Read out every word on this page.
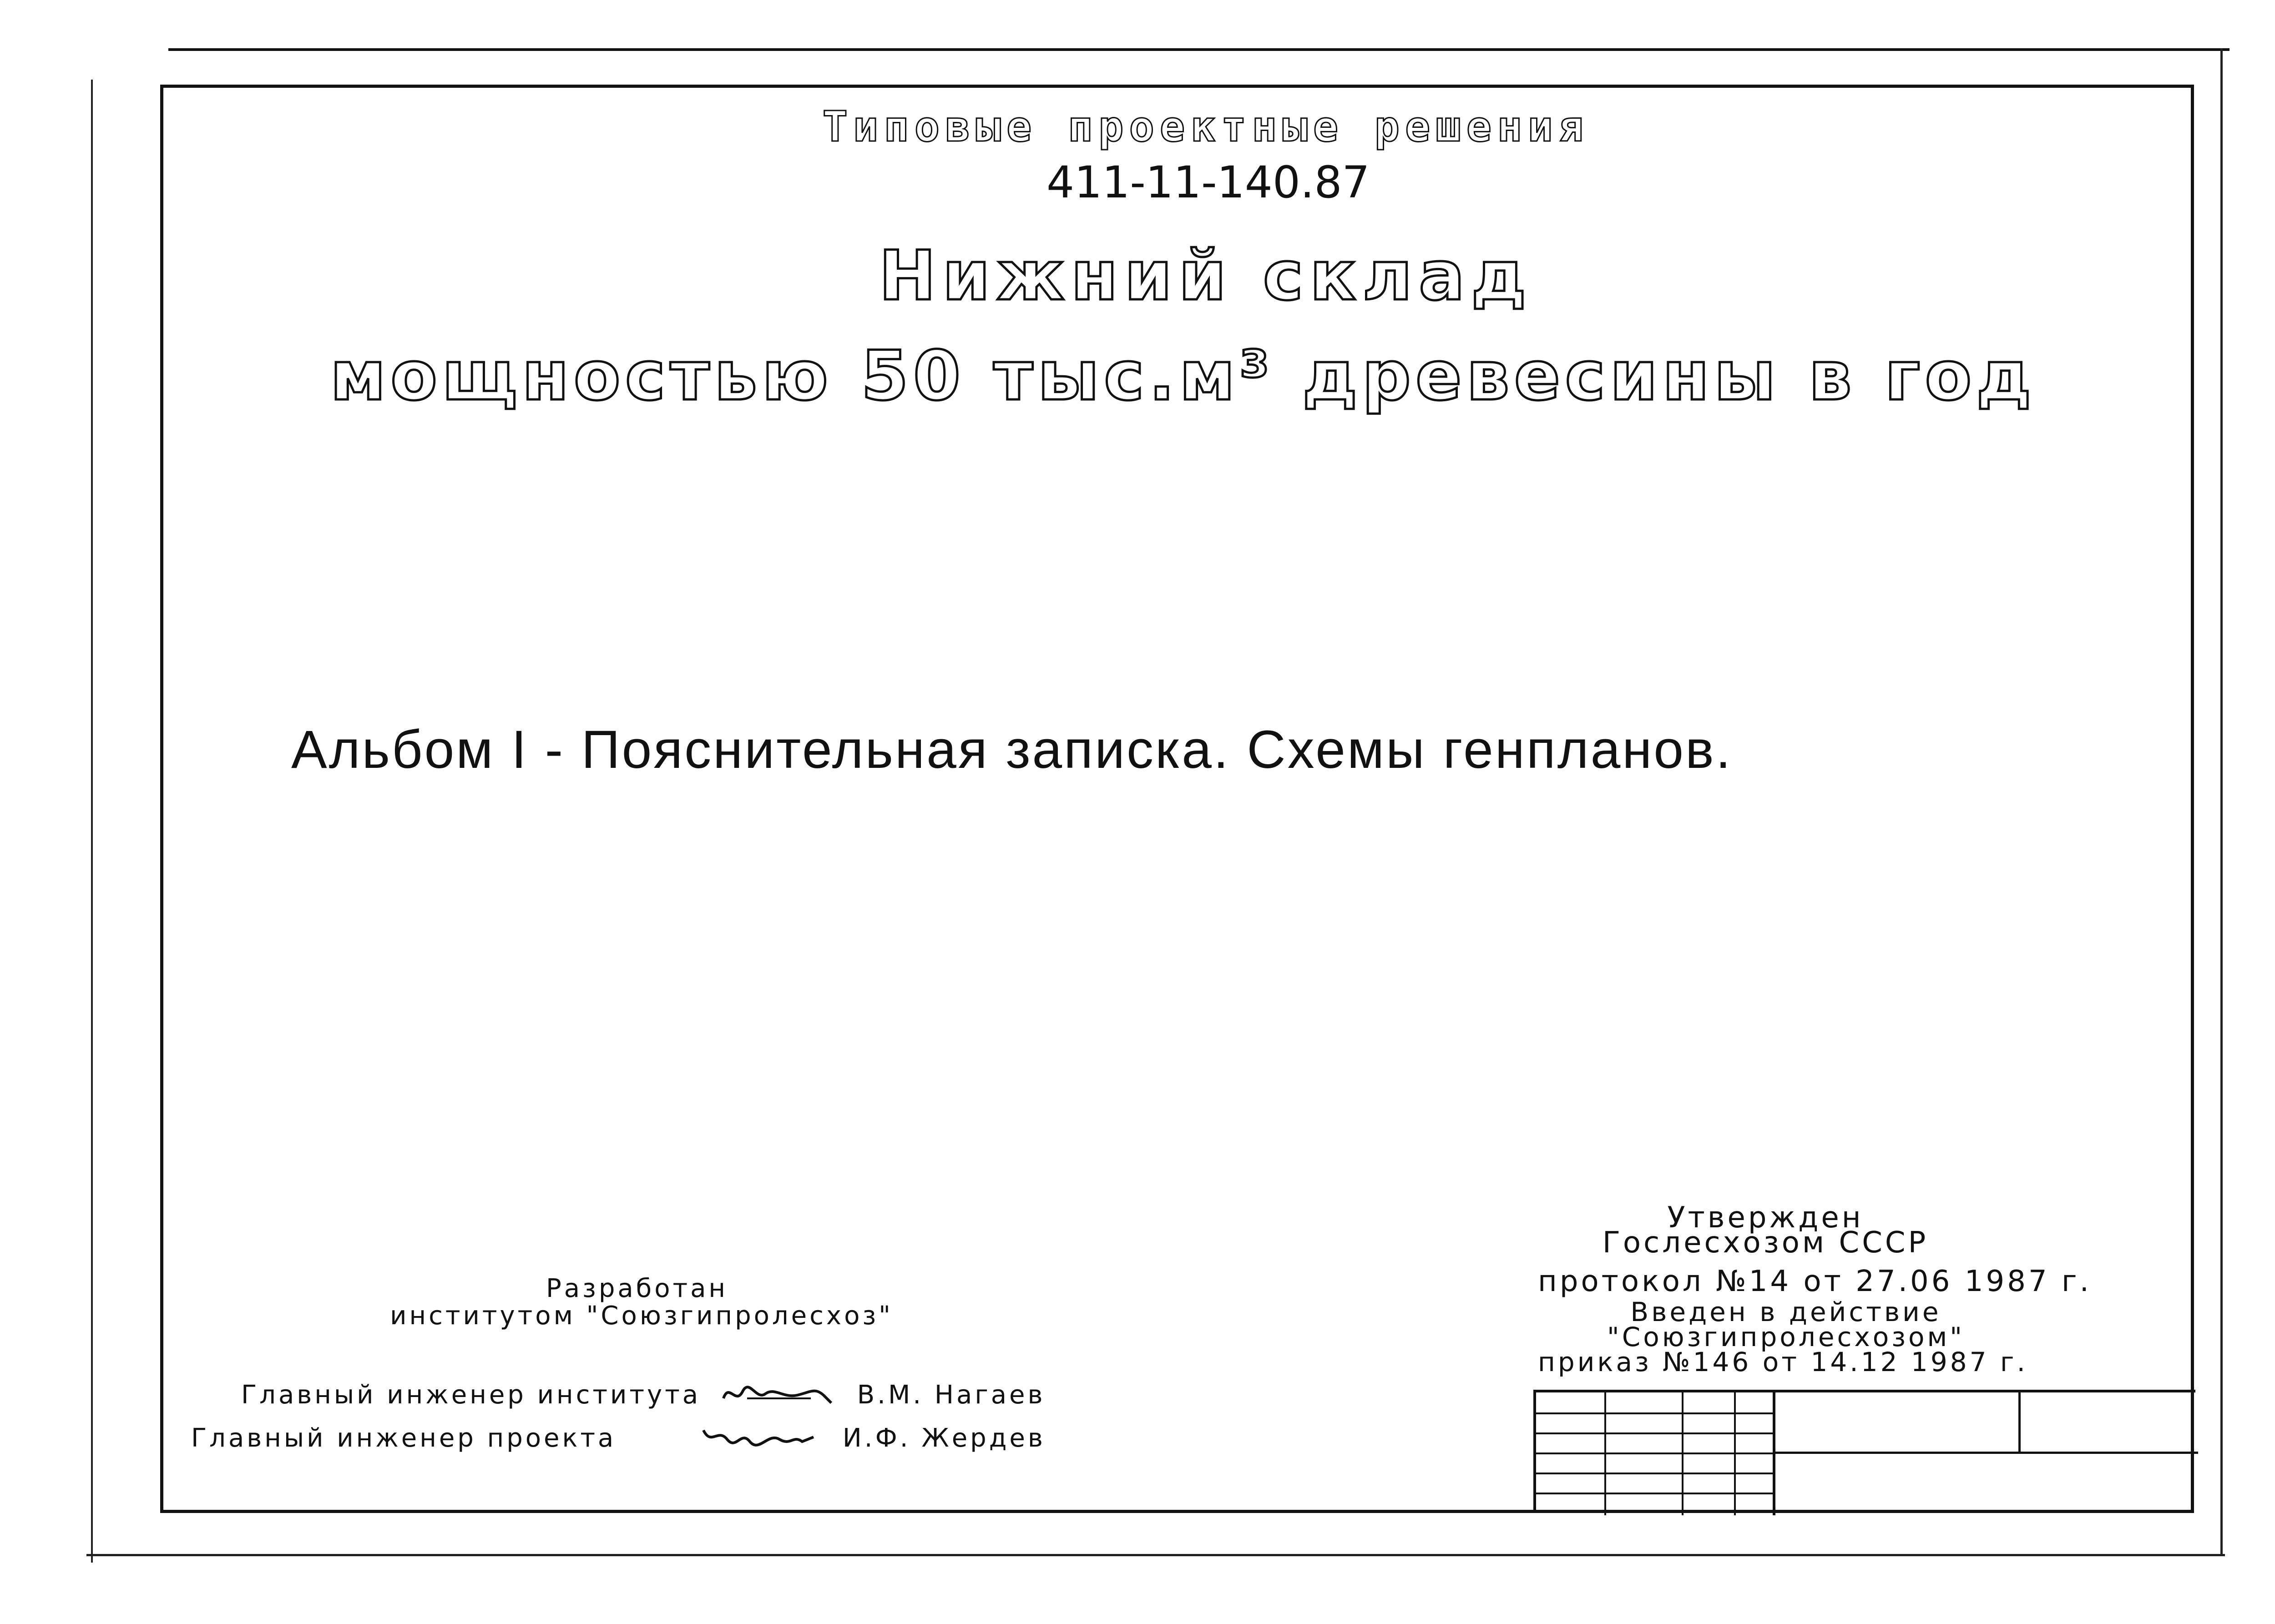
Типовые проектные решения
411-11-140.87
Нижний склад
мощностью 50 тыс.м³ древесины в год
Альбом I - Пояснительная записка. Схемы генпланов.
Разработан
институтом "Союзгипролесхоз"
Главный инженер института	В.М. Нагаев
Главный инженер проекта	И.Ф. Жердев
Утвержден
Гослесхозом СССР
протокол №14 от 27.06 1987 г.
Введен в действие
"Союзгипролесхозом"
приказ №146 от 14.12 1987 г.
